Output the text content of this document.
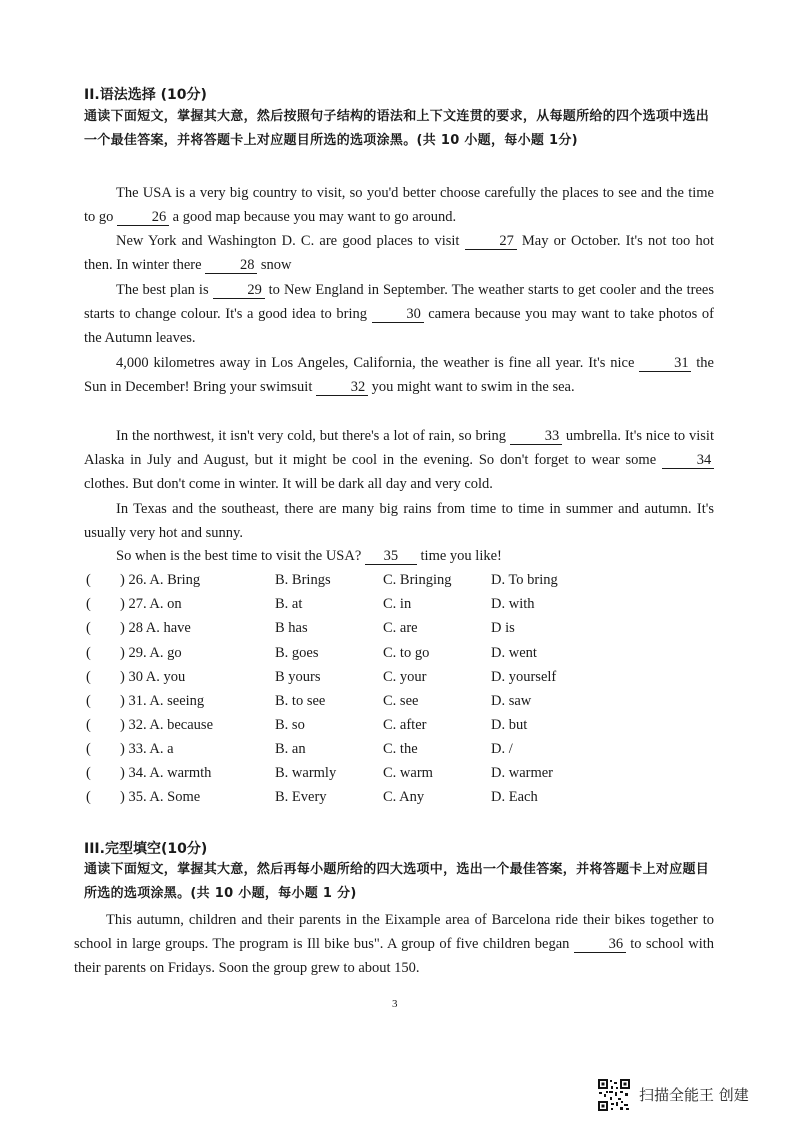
II.语法选择 (10分)
通读下面短文，掌握其大意，然后按照句子结构的语法和上下文连贯的要求，从每题所给的四个选项中选出一个最佳答案，并将答题卡上对应题目所选的选项涂黑。(共 10 小题，每小题 1分)
The USA is a very big country to visit, so you'd better choose carefully the places to see and the time to go	26 a good map because you may want to go around.
New York and Washington D. C. are good places to visit	27 May or October. It's not too hot then. In winter there	28 snow
The best plan is	29 to New England in September. The weather starts to get cooler and the trees starts to change colour. It's a good idea to bring	30 camera because you may want to take photos of the Autumn leaves.
4,000 kilometres away in Los Angeles, California, the weather is fine all year. It's nice	31 the Sun in December! Bring your swimsuit	32 you might want to swim in the sea.
In the northwest, it isn't very cold, but there's a lot of rain, so bring	33 umbrella. It's nice to visit Alaska in July and August, but it might be cool in the evening. So don't forget to wear some	34 clothes. But don't come in winter. It will be dark all day and very cold.
In Texas and the southeast, there are many big rains from time to time in summer and autumn. It's usually very hot and sunny.
So when is the best time to visit the USA? 35 time you like!
( ) 26. A. Bring	B. Brings	C. Bringing	D. To bring
( ) 27. A. on	B. at	C. in	D. with
( ) 28 A. have	B has	C. are	D is
( ) 29. A. go	B. goes	C. to go	D. went
( ) 30 A. you	B yours	C. your	D. yourself
( ) 31. A. seeing	B. to see	C. see	D. saw
( ) 32. A. because	B. so	C. after	D. but
( ) 33. A. a	B. an	C. the	D. /
( ) 34. A. warmth	B. warmly	C. warm	D. warmer
( ) 35. A. Some	B. Every	C. Any	D. Each
III.完型填空(10分)
通读下面短文，掌握其大意，然后再每小题所给的四大选项中，选出一个最佳答案，并将答题卡上对应题目所选的选项涂黑。(共 10 小题，每小题 1 分)
This autumn, children and their parents in the Eixample area of Barcelona ride their bikes together to school in large groups. The program is Ill bike bus". A group of five children began	36 to school with their parents on Fridays. Soon the group grew to about 150.
3
扫描全能王 创建
